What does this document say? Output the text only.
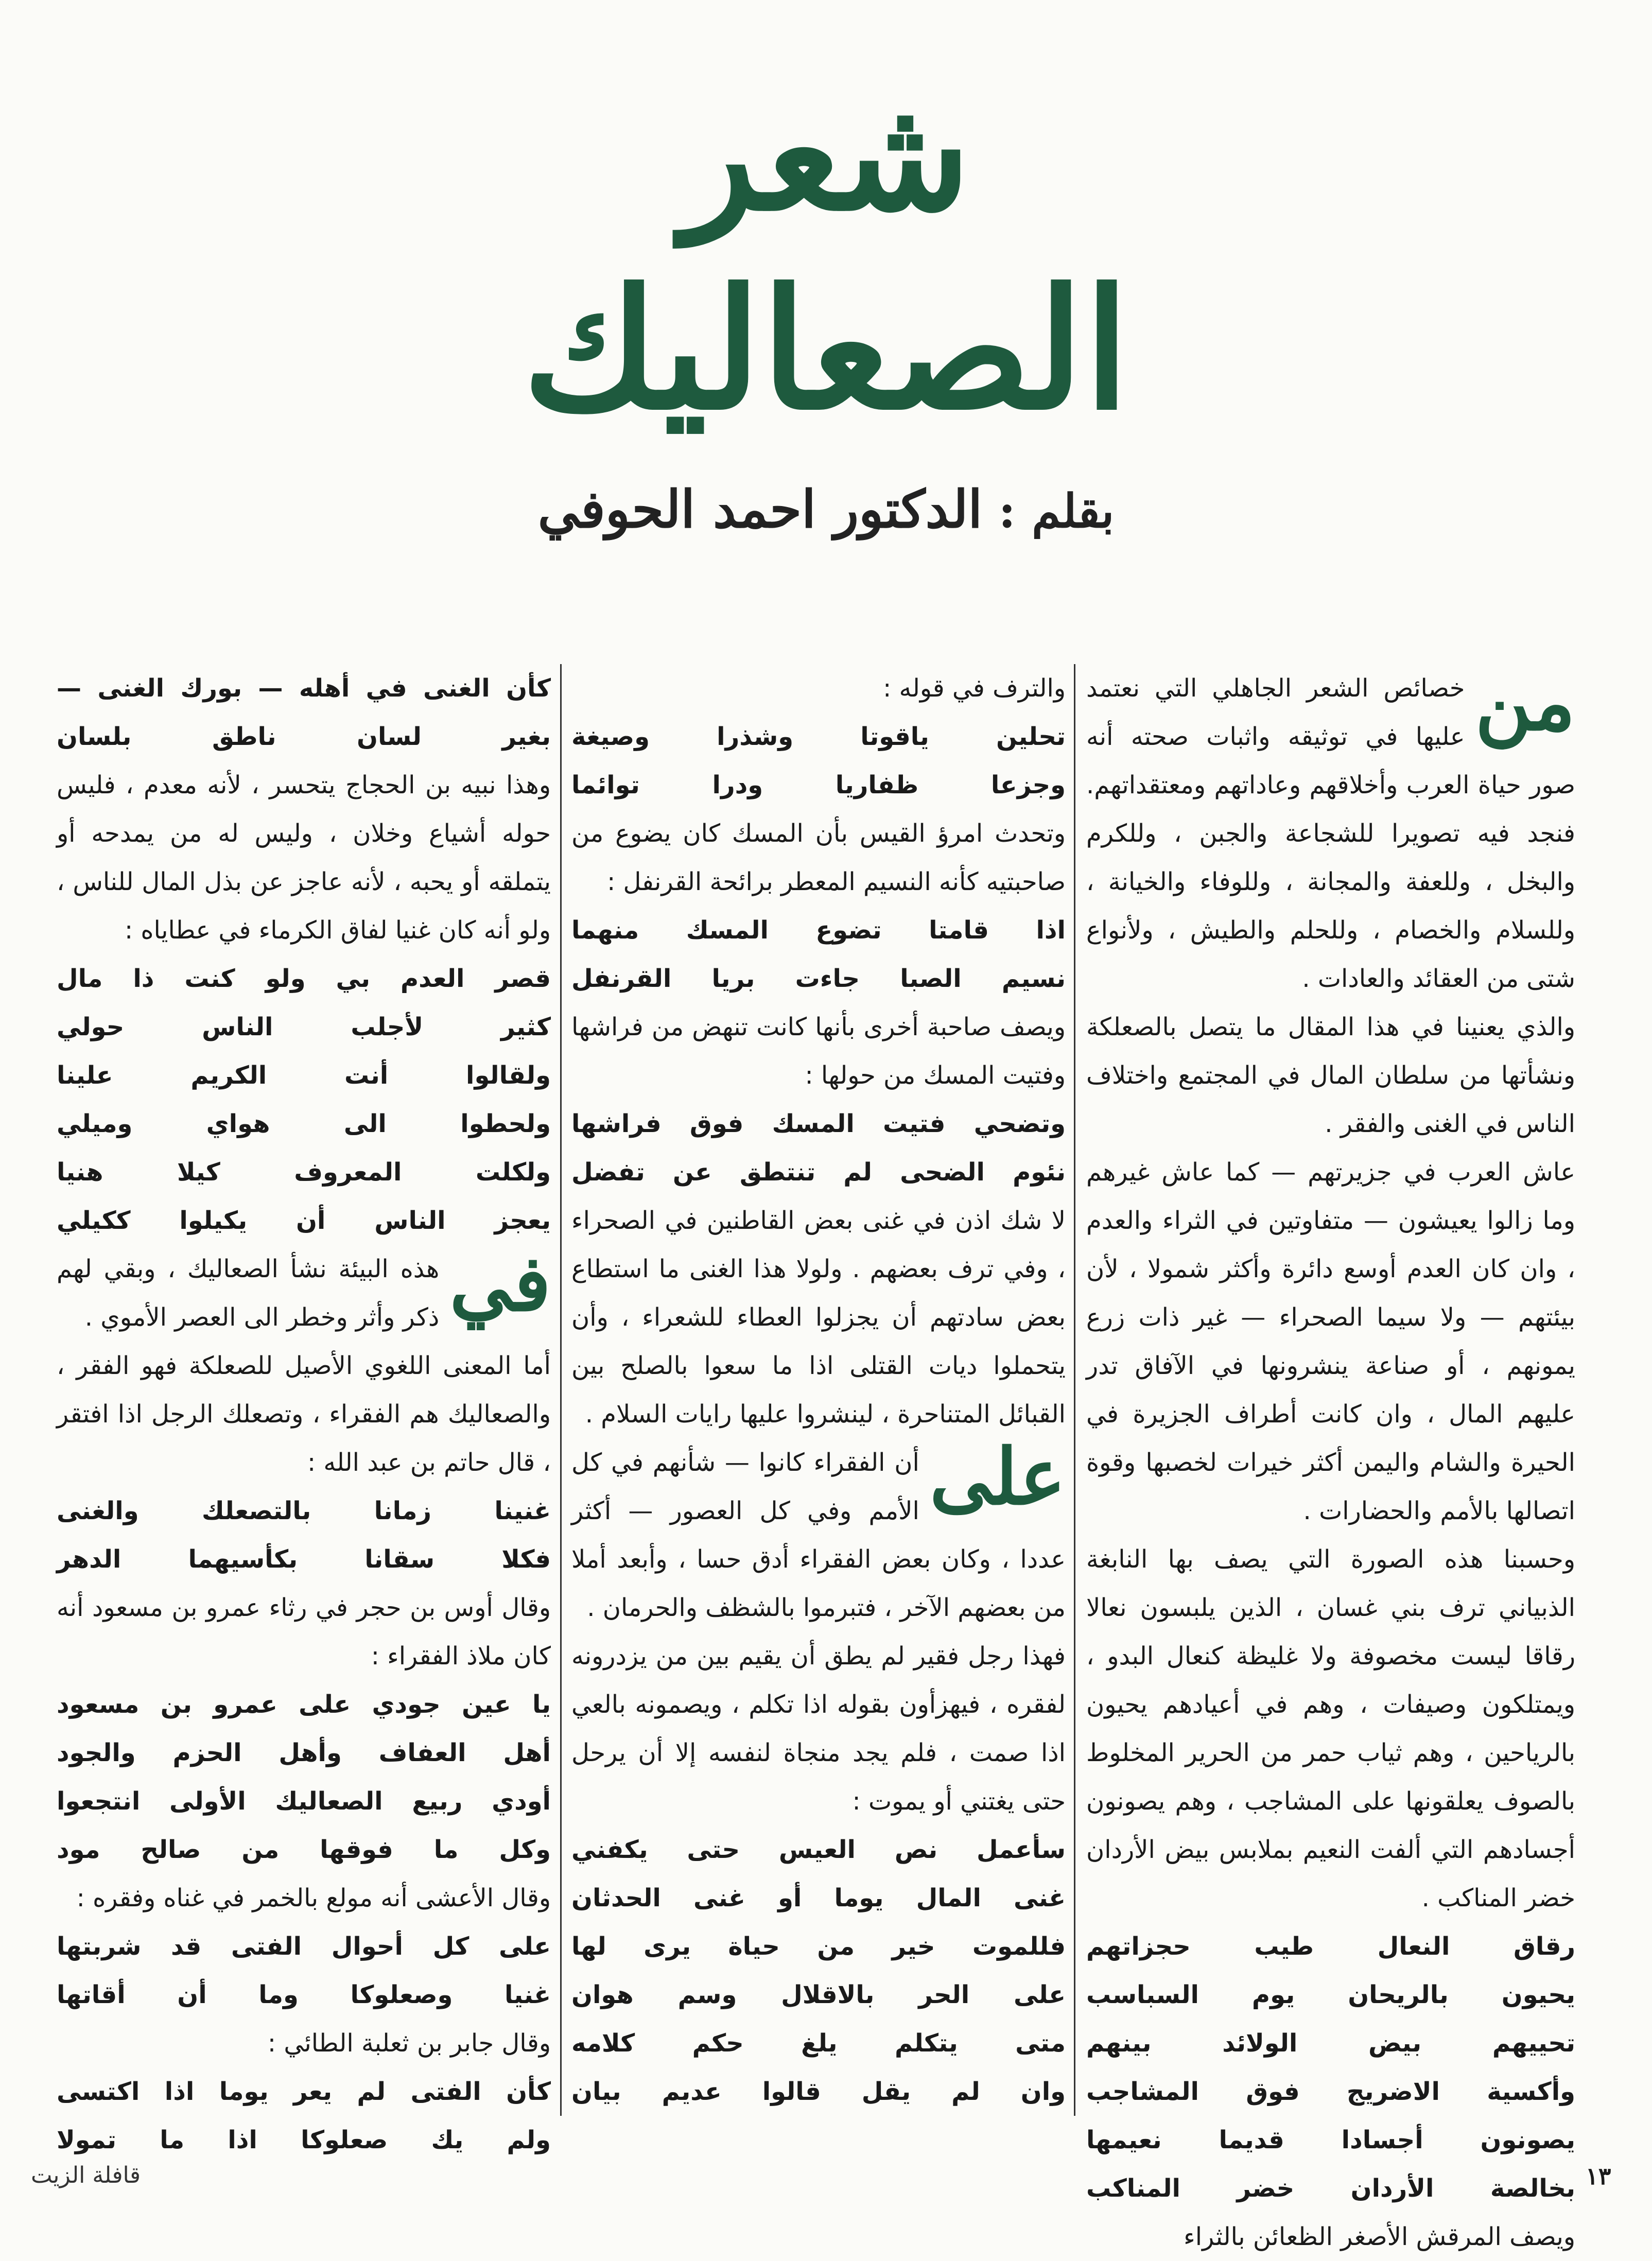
شعر
الصعاليك
بقلم : الدكتور احمد الحوفي
من

خصائص الشعر الجاهلي التي نعتمد عليها في توثيقه واثبات صحته أنه صور حياة العرب وأخلاقهم وعاداتهم ومعتقداتهم. فنجد فيه تصويرا للشجاعة والجبن ، وللكرم والبخل ، وللعفة والمجانة ، وللوفاء والخيانة ، وللسلام والخصام ، وللحلم والطيش ، ولأنواع شتى من العقائد والعادات .

والذي يعنينا في هذا المقال ما يتصل بالصعلكة ونشأتها من سلطان المال في المجتمع واختلاف الناس في الغنى والفقر .

عاش العرب في جزيرتهم — كما عاش غيرهم وما زالوا يعيشون — متفاوتين في الثراء والعدم ، وان كان العدم أوسع دائرة وأكثر شمولا ، لأن بيئتهم — ولا سيما الصحراء — غير ذات زرع يمونهم ، أو صناعة ينشرونها في الآفاق تدر عليهم المال ، وان كانت أطراف الجزيرة في الحيرة والشام واليمن أكثر خيرات لخصبها وقوة اتصالها بالأمم والحضارات .

وحسبنا هذه الصورة التي يصف بها النابغة الذبياني ترف بني غسان ، الذين يلبسون نعالا رقاقا ليست مخصوفة ولا غليظة كنعال البدو ، ويمتلكون وصيفات ، وهم في أعيادهم يحيون بالرياحين ، وهم ثياب حمر من الحرير المخلوط بالصوف يعلقونها على المشاجب ، وهم يصونون أجسادهم التي ألفت النعيم بملابس بيض الأردان خضر المناكب .

رقاق النعال طيب حجزاتهم

يحيون بالريحان يوم السباسب

تحييهم بيض الولائد بينهم

وأكسية الاضريج فوق المشاجب

يصونون أجسادا قديما نعيمها

بخالصة الأردان خضر المناكب

ويصف المرقش الأصغر الظعائن بالثراء

والترف في قوله :

تحلين ياقوتا وشذرا وصيغة

وجزعا ظفاريا ودرا توائما

وتحدث امرؤ القيس بأن المسك كان يضوع من صاحبتيه كأنه النسيم المعطر برائحة القرنفل :

اذا قامتا تضوع المسك منهما

نسيم الصبا جاءت بريا القرنفل

ويصف صاحبة أخرى بأنها كانت تنهض من فراشها وفتيت المسك من حولها :

وتضحي فتيت المسك فوق فراشها

نئوم الضحى لم تنتطق عن تفضل

لا شك اذن في غنى بعض القاطنين في الصحراء ، وفي ترف بعضهم . ولولا هذا الغنى ما استطاع بعض سادتهم أن يجزلوا العطاء للشعراء ، وأن يتحملوا ديات القتلى اذا ما سعوا بالصلح بين القبائل المتناحرة ، لينشروا عليها رايات السلام .

على

أن الفقراء كانوا — شأنهم في كل الأمم وفي كل العصور — أكثر عددا ، وكان بعض الفقراء أدق حسا ، وأبعد أملا من بعضهم الآخر ، فتبرموا بالشظف والحرمان .

فهذا رجل فقير لم يطق أن يقيم بين من يزدرونه لفقره ، فيهزأون بقوله اذا تكلم ، ويصمونه بالعي اذا صمت ، فلم يجد منجاة لنفسه إلا أن يرحل حتى يغتني أو يموت :

سأعمل نص العيس حتى يكفني

غنى المال يوما أو غنى الحدثان

فللموت خير من حياة يرى لها

على الحر بالاقلال وسم هوان

متى يتكلم يلغ حكم كلامه

وان لم يقل قالوا عديم بيان

كأن الغنى في أهله — بورك الغنى —

بغير لسان ناطق بلسان

وهذا نبيه بن الحجاج يتحسر ، لأنه معدم ، فليس حوله أشياع وخلان ، وليس له من يمدحه أو يتملقه أو يحبه ، لأنه عاجز عن بذل المال للناس ، ولو أنه كان غنيا لفاق الكرماء في عطاياه :

قصر العدم بي ولو كنت ذا مال

كثير لأجلب الناس حولي

ولقالوا أنت الكريم علينا

ولحطوا الى هواي وميلي

ولكلت المعروف كيلا هنيا

يعجز الناس أن يكيلوا ككيلي

في

هذه البيئة نشأ الصعاليك ، وبقي لهم ذكر وأثر وخطر الى العصر الأموي .

أما المعنى اللغوي الأصيل للصعلكة فهو الفقر ، والصعاليك هم الفقراء ، وتصعلك الرجل اذا افتقر ، قال حاتم بن عبد الله :

غنينا زمانا بالتصعلك والغنى

فكلا سقانا بكأسيهما الدهر

وقال أوس بن حجر في رثاء عمرو بن مسعود أنه كان ملاذ الفقراء :

يا عين جودي على عمرو بن مسعود

أهل العفاف وأهل الحزم والجود

أودي ربيع الصعاليك الأولى انتجعوا

وكل ما فوقها من صالح مود

وقال الأعشى أنه مولع بالخمر في غناه وفقره :

على كل أحوال الفتى قد شربتها

غنيا وصعلوكا وما أن أقاتها

وقال جابر بن ثعلبة الطائي :

كأن الفتى لم يعر يوما اذا اكتسى

ولم يك صعلوكا اذا ما تمولا

١٣
قافلة الزيت
